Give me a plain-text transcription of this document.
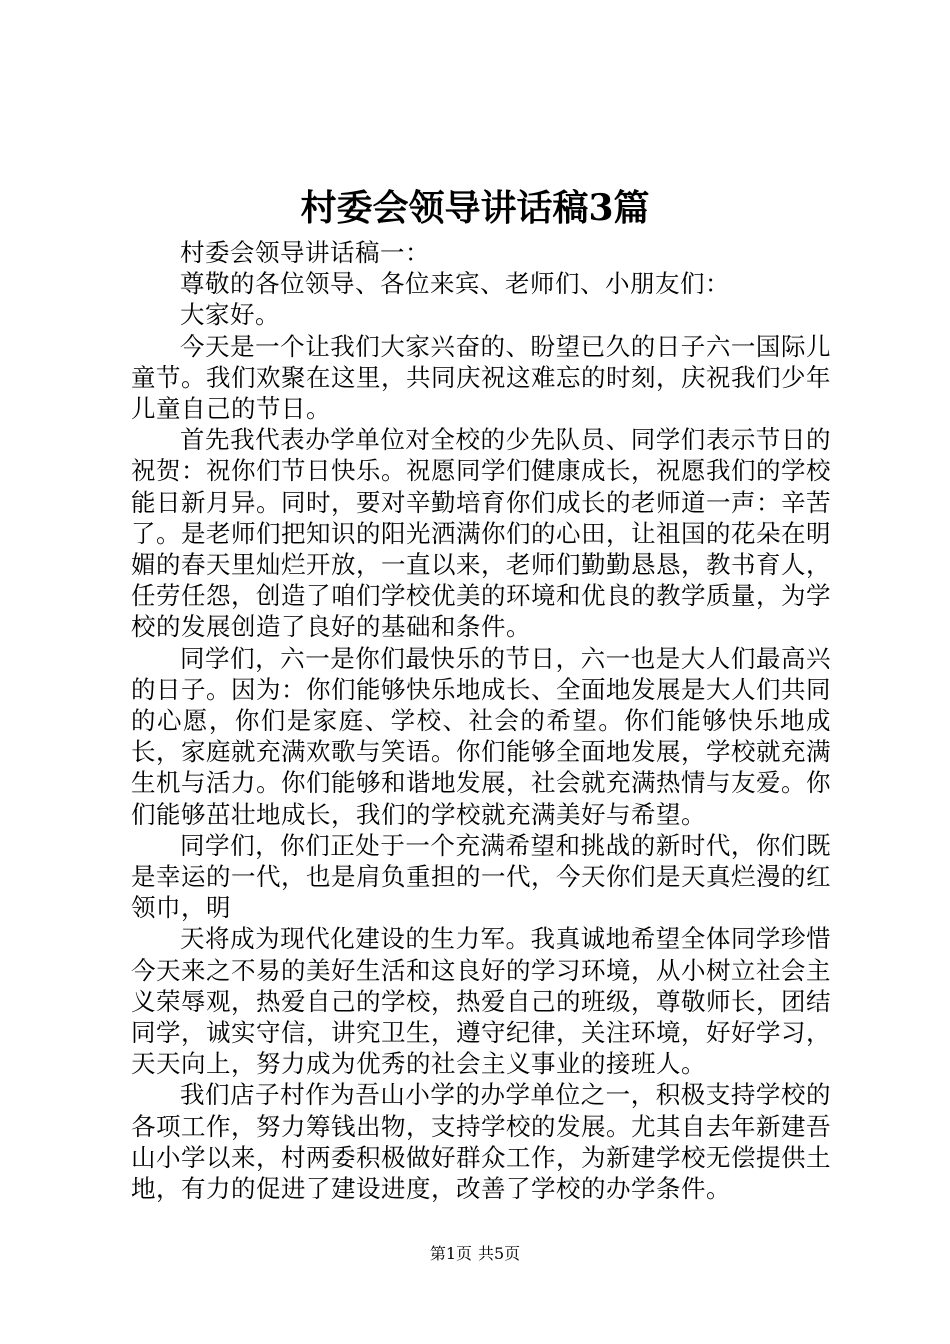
村委会领导讲话稿3篇

村委会领导讲话稿一：

尊敬的各位领导、各位来宾、老师们、小朋友们：

大家好。

今天是一个让我们大家兴奋的、盼望已久的日子六一国际儿童节。我们欢聚在这里，共同庆祝这难忘的时刻，庆祝我们少年儿童自己的节日。

首先我代表办学单位对全校的少先队员、同学们表示节日的祝贺：祝你们节日快乐。祝愿同学们健康成长，祝愿我们的学校能日新月异。同时，要对辛勤培育你们成长的老师道一声：辛苦了。是老师们把知识的阳光洒满你们的心田，让祖国的花朵在明媚的春天里灿烂开放，一直以来，老师们勤勤恳恳，教书育人，任劳任怨，创造了咱们学校优美的环境和优良的教学质量，为学校的发展创造了良好的基础和条件。

同学们，六一是你们最快乐的节日，六一也是大人们最高兴的日子。因为：你们能够快乐地成长、全面地发展是大人们共同的心愿，你们是家庭、学校、社会的希望。你们能够快乐地成长，家庭就充满欢歌与笑语。你们能够全面地发展，学校就充满生机与活力。你们能够和谐地发展，社会就充满热情与友爱。你们能够茁壮地成长，我们的学校就充满美好与希望。

同学们，你们正处于一个充满希望和挑战的新时代，你们既是幸运的一代，也是肩负重担的一代，今天你们是天真烂漫的红领巾，明

天将成为现代化建设的生力军。我真诚地希望全体同学珍惜今天来之不易的美好生活和这良好的学习环境，从小树立社会主义荣辱观，热爱自己的学校，热爱自己的班级，尊敬师长，团结同学，诚实守信，讲究卫生，遵守纪律，关注环境，好好学习，天天向上，努力成为优秀的社会主义事业的接班人。

我们店子村作为吾山小学的办学单位之一，积极支持学校的各项工作，努力筹钱出物，支持学校的发展。尤其自去年新建吾山小学以来，村两委积极做好群众工作，为新建学校无偿提供土地，有力的促进了建设进度，改善了学校的办学条件。

第1页 共5页
